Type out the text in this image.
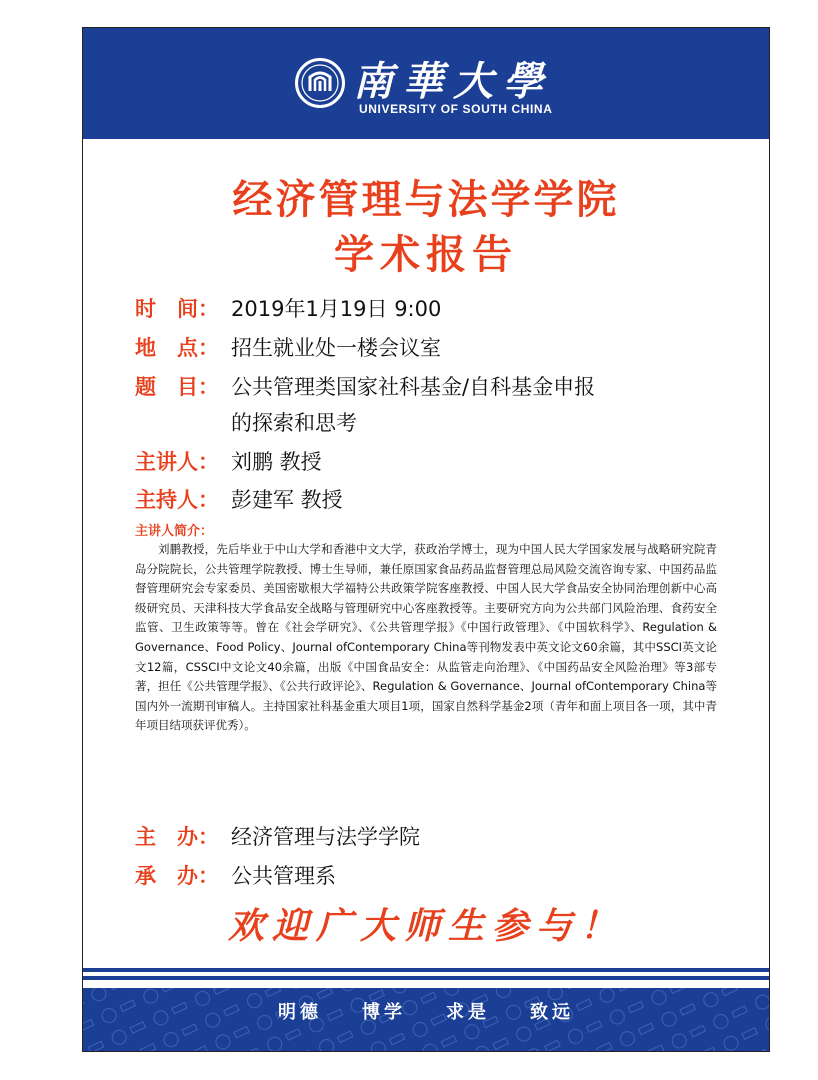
南華大學
UNIVERSITY OF SOUTH CHINA
经济管理与法学学院
学术报告
时　间： 2019年1月19日 9:00
地　点： 招生就业处一楼会议室
题　目： 公共管理类国家社科基金/自科基金申报
的探索和思考
主讲人： 刘鹏 教授
主持人： 彭建军 教授
主讲人简介：
刘鹏教授，先后毕业于中山大学和香港中文大学，获政治学博士，现为中国人民大学国家发展与战略研究院青岛分院院长，公共管理学院教授、博士生导师，兼任原国家食品药品监督管理总局风险交流咨询专家、中国药品监督管理研究会专家委员、美国密歇根大学福特公共政策学院客座教授、中国人民大学食品安全协同治理创新中心高级研究员、天津科技大学食品安全战略与管理研究中心客座教授等。主要研究方向为公共部门风险治理、食药安全监管、卫生政策等等。曾在《社会学研究》、《公共管理学报》《中国行政管理》、《中国软科学》、Regulation & Governance、Food Policy、Journal ofContemporary China等刊物发表中英文论文60余篇，其中SSCI英文论文12篇，CSSCI中文论文40余篇，出版《中国食品安全：从监管走向治理》、《中国药品安全风险治理》等3部专著，担任《公共管理学报》、《公共行政评论》、Regulation & Governance、Journal ofContemporary China等国内外一流期刊审稿人。主持国家社科基金重大项目1项，国家自然科学基金2项（青年和面上项目各一项，其中青年项目结项获评优秀）。
主　办： 经济管理与法学学院
承　办： 公共管理系
欢迎广大师生参与！
明德 博学 求是 致远
